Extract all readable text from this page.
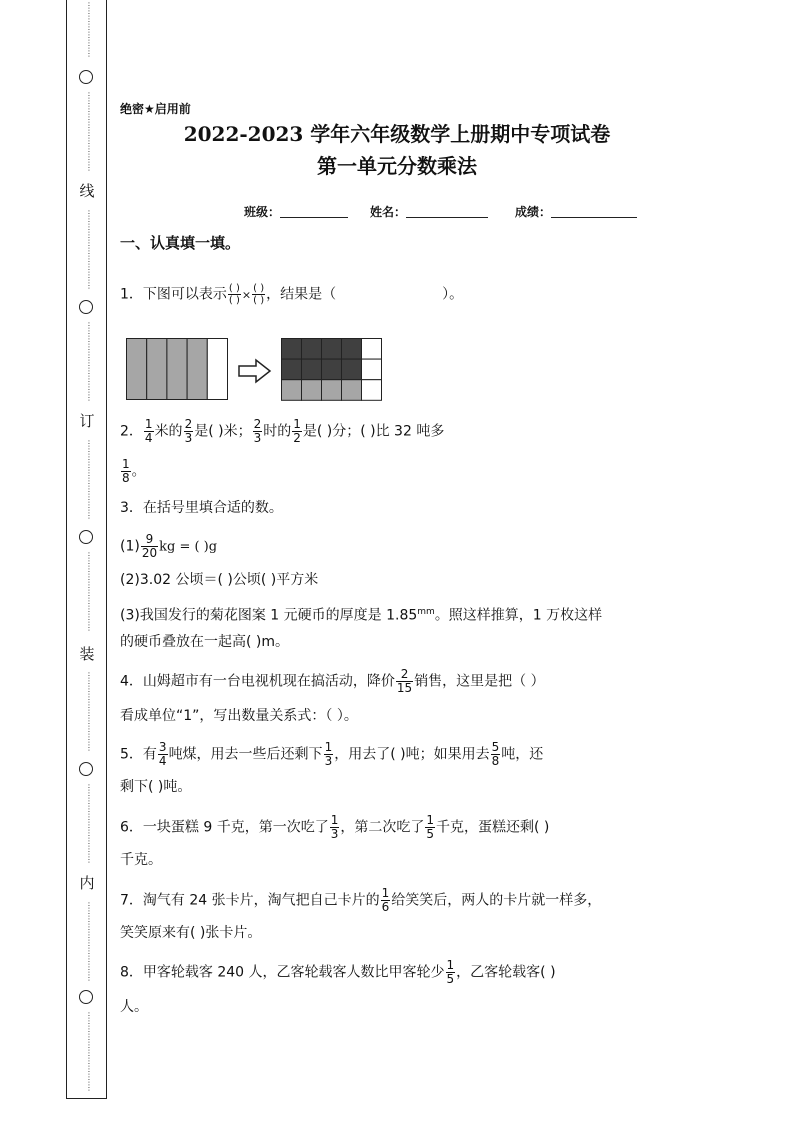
⋮
⋮
⋮
⋮
⋮
⋮
⋮
⋮
⋮
⋮
⋮
⋮
⋮
⋮
⋮
⋮
⋮
线
⋮
⋮
⋮
⋮
⋮
⋮
⋮
⋮
⋮
⋮
⋮
⋮
⋮
⋮
⋮
⋮
⋮
⋮
⋮
⋮
订
⋮
⋮
⋮
⋮
⋮
⋮
⋮
⋮
⋮
⋮
⋮
⋮
⋮
⋮
⋮
⋮
⋮
⋮
⋮
⋮
装
⋮
⋮
⋮
⋮
⋮
⋮
⋮
⋮
⋮
⋮
⋮
⋮
⋮
⋮
⋮
⋮
⋮
⋮
⋮
⋮
内
⋮
⋮
⋮
⋮
⋮
⋮
⋮
⋮
⋮
⋮
⋮
⋮
⋮
⋮
⋮
⋮
⋮
⋮
⋮
⋮
绝密★启用前
2022-2023 学年六年级数学上册期中专项试卷
第一单元分数乘法
班级：	姓名：	成绩：
一、认真填一填。
1．下图可以表示 $\frac{( )}{( )} \times \frac{( )}{( )}$ ，结果是（	）。
2． $\frac{1}{4}$ 米的 $\frac{2}{3}$ 是( )米； $\frac{2}{3}$ 时的 $\frac{1}{2}$ 是( )分；( )比 32 吨多
$\frac{1}{8}$ 。
3．在括号里填合适的数。
$(1) \frac{9}{20}$ kg = ( )g
(2)3.02 公顷＝( )公顷( )平方米
(3)我国发行的菊花图案 1 元硬币的厚度是 $1.85^{mm}$。照这样推算，1 万枚这样
的硬币叠放在一起高( )m。
4．山姆超市有一台电视机现在搞活动，降价 $\frac{2}{15}$ 销售，这里是把（ ）
看成单位“1”，写出数量关系式：（ ）。
5．有 $\frac{3}{4}$ 吨煤，用去一些后还剩下 $\frac{1}{3}$ ，用去了( )吨；如果用去 $\frac{5}{8}$ 吨，还
剩下( )吨。
6．一块蛋糕 9 千克，第一次吃了 $\frac{1}{3}$ ，第二次吃了 $\frac{1}{5}$ 千克，蛋糕还剩( )
千克。
7．淘气有 24 张卡片，淘气把自己卡片的 $\frac{1}{6}$ 给笑笑后，两人的卡片就一样多，
笑笑原来有( )张卡片。
8．甲客轮载客 240 人，乙客轮载客人数比甲客轮少 $\frac{1}{5}$ ，乙客轮载客( )
人。
